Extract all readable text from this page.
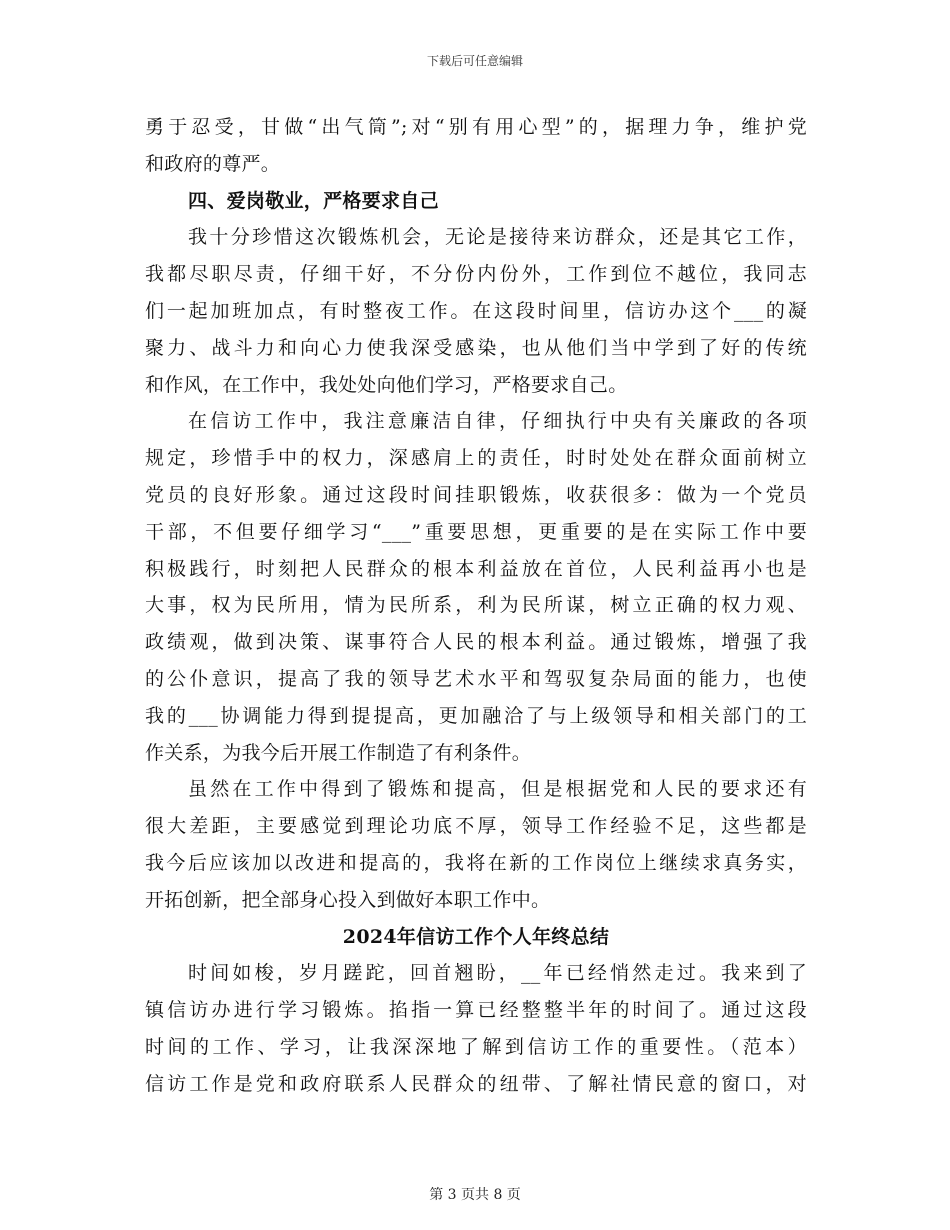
下载后可任意编辑
勇于忍受，甘做“出气筒”;对“别有用心型”的，据理力争，维护党
和政府的尊严。
四、爱岗敬业，严格要求自己
我十分珍惜这次锻炼机会，无论是接待来访群众，还是其它工作，
我都尽职尽责，仔细干好，不分份内份外，工作到位不越位，我同志
们一起加班加点，有时整夜工作。在这段时间里，信访办这个___的凝
聚力、战斗力和向心力使我深受感染，也从他们当中学到了好的传统
和作风，在工作中，我处处向他们学习，严格要求自己。
在信访工作中，我注意廉洁自律，仔细执行中央有关廉政的各项
规定，珍惜手中的权力，深感肩上的责任，时时处处在群众面前树立
党员的良好形象。通过这段时间挂职锻炼，收获很多：做为一个党员
干部，不但要仔细学习“___”重要思想，更重要的是在实际工作中要
积极践行，时刻把人民群众的根本利益放在首位，人民利益再小也是
大事，权为民所用，情为民所系，利为民所谋，树立正确的权力观、
政绩观，做到决策、谋事符合人民的根本利益。通过锻炼，增强了我
的公仆意识，提高了我的领导艺术水平和驾驭复杂局面的能力，也使
我的___协调能力得到提提高，更加融洽了与上级领导和相关部门的工
作关系，为我今后开展工作制造了有利条件。
虽然在工作中得到了锻炼和提高，但是根据党和人民的要求还有
很大差距，主要感觉到理论功底不厚，领导工作经验不足，这些都是
我今后应该加以改进和提高的，我将在新的工作岗位上继续求真务实，
开拓创新，把全部身心投入到做好本职工作中。
2024年信访工作个人年终总结
时间如梭，岁月蹉跎，回首翘盼，__年已经悄然走过。我来到了
镇信访办进行学习锻炼。掐指一算已经整整半年的时间了。通过这段
时间的工作、学习，让我深深地了解到信访工作的重要性。（范本）
信访工作是党和政府联系人民群众的纽带、了解社情民意的窗口，对
第 3 页共 8 页
